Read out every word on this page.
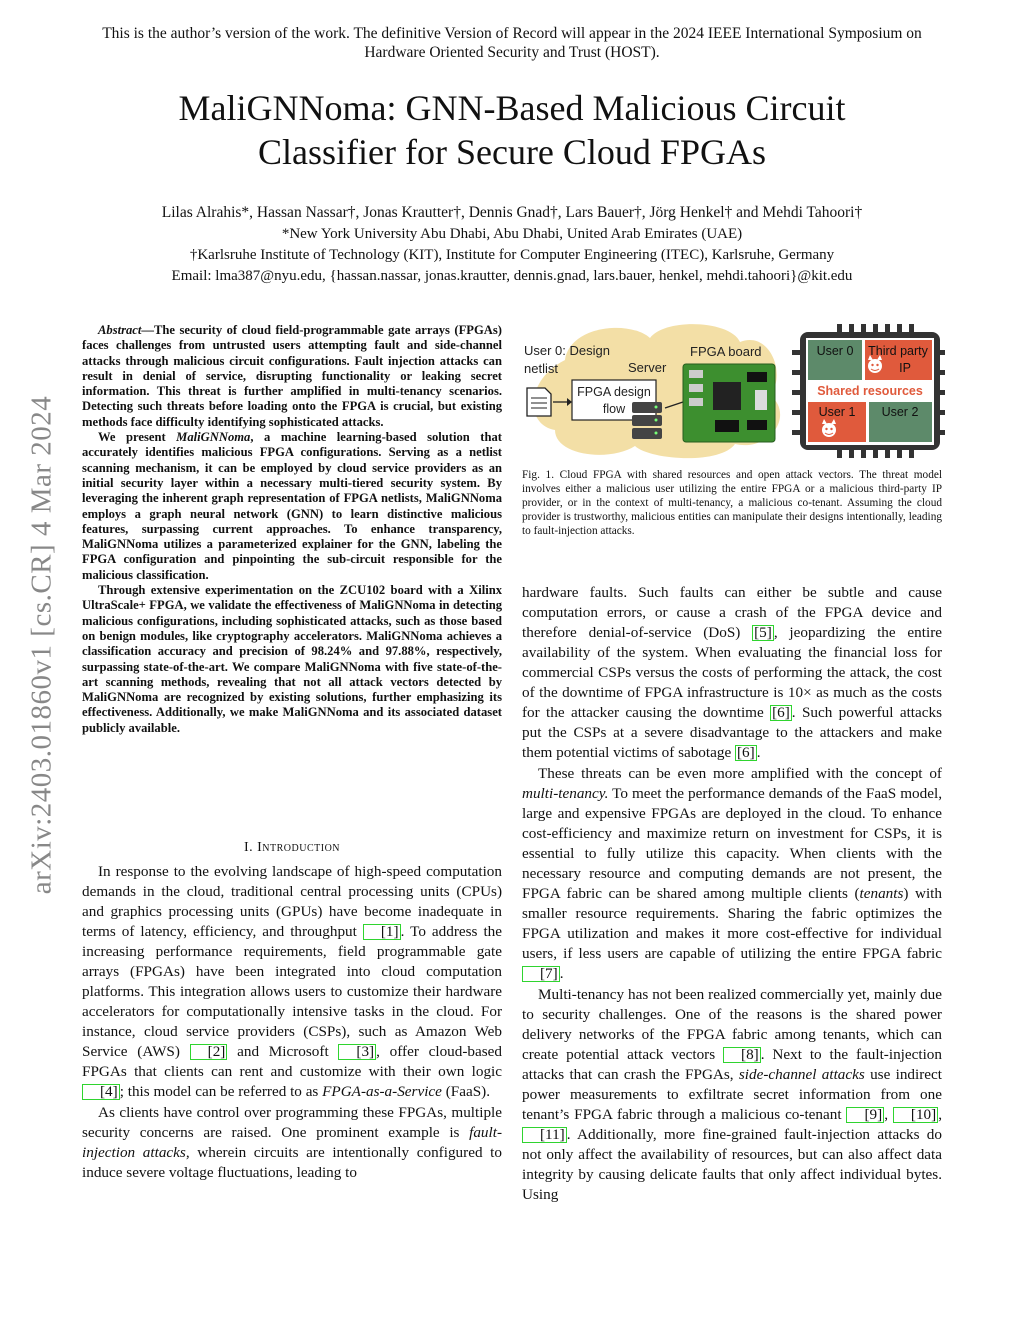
This is the author’s version of the work. The definitive Version of Record will appear in the 2024 IEEE International Symposium on Hardware Oriented Security and Trust (HOST).
MaliGNNoma: GNN-Based Malicious Circuit
Classifier for Secure Cloud FPGAs
Lilas Alrahis*, Hassan Nassar†, Jonas Krautter†, Dennis Gnad†, Lars Bauer†, Jörg Henkel† and Mehdi Tahoori†
*New York University Abu Dhabi, Abu Dhabi, United Arab Emirates (UAE)
†Karlsruhe Institute of Technology (KIT), Institute for Computer Engineering (ITEC), Karlsruhe, Germany
Email: lma387@nyu.edu, {hassan.nassar, jonas.krautter, dennis.gnad, lars.bauer, henkel, mehdi.tahoori}@kit.edu
arXiv:2403.01860v1 [cs.CR] 4 Mar 2024

Abstract—The security of cloud field-programmable gate arrays (FPGAs) faces challenges from untrusted users attempting fault and side-channel attacks through malicious circuit configurations. Fault injection attacks can result in denial of service, disrupting functionality or leaking secret information. This threat is further amplified in multi-tenancy scenarios. Detecting such threats before loading onto the FPGA is crucial, but existing methods face difficulty identifying sophisticated attacks.

We present MaliGNNoma, a machine learning-based solution that accurately identifies malicious FPGA configurations. Serving as a netlist scanning mechanism, it can be employed by cloud service providers as an initial security layer within a necessary multi-tiered security system. By leveraging the inherent graph representation of FPGA netlists, MaliGNNoma employs a graph neural network (GNN) to learn distinctive malicious features, surpassing current approaches. To enhance transparency, MaliGNNoma utilizes a parameterized explainer for the GNN, labeling the FPGA configuration and pinpointing the sub-circuit responsible for the malicious classification.

Through extensive experimentation on the ZCU102 board with a Xilinx UltraScale+ FPGA, we validate the effectiveness of MaliGNNoma in detecting malicious configurations, including sophisticated attacks, such as those based on benign modules, like cryptography accelerators. MaliGNNoma achieves a classification accuracy and precision of 98.24% and 97.88%, respectively, surpassing state-of-the-art. We compare MaliGNNoma with five state-of-the-art scanning methods, revealing that not all attack vectors detected by MaliGNNoma are recognized by existing solutions, further emphasizing its effectiveness. Additionally, we make MaliGNNoma and its associated dataset publicly available.

I. Introduction

In response to the evolving landscape of high-speed computation demands in the cloud, traditional central processing units (CPUs) and graphics processing units (GPUs) have become inadequate in terms of latency, efficiency, and throughput [1] . To address the increasing performance requirements, field programmable gate arrays (FPGAs) have been integrated into cloud computation platforms. This integration allows users to customize their hardware accelerators for computationally intensive tasks in the cloud. For instance, cloud service providers (CSPs), such as Amazon Web Service (AWS) [2] and Microsoft [3] , offer cloud-based FPGAs that clients can rent and customize with their own logic [4] ; this model can be referred to as FPGA-as-a-Service (FaaS).

As clients have control over programming these FPGAs, multiple security concerns are raised. One prominent example is fault-injection attacks, wherein circuits are intentionally configured to induce severe voltage fluctuations, leading to

User 0: Design
netlist	Server
FPGA design
flow
FPGA board	User 0 Third party
IP
Shared resources
User 1 User 2
Fig. 1. Cloud FPGA with shared resources and open attack vectors. The threat model involves either a malicious user utilizing the entire FPGA or a malicious third-party IP provider, or in the context of multi-tenancy, a malicious co-tenant. Assuming the cloud provider is trustworthy, malicious entities can manipulate their designs intentionally, leading to fault-injection attacks.

hardware faults. Such faults can either be subtle and cause computation errors, or cause a crash of the FPGA device and therefore denial-of-service (DoS) [5] , jeopardizing the entire availability of the system. When evaluating the financial loss for commercial CSPs versus the costs of performing the attack, the cost of the downtime of FPGA infrastructure is 10× as much as the costs for the attacker causing the downtime [6] . Such powerful attacks put the CSPs at a severe disadvantage to the attackers and make them potential victims of sabotage [6] .

These threats can be even more amplified with the concept of multi-tenancy. To meet the performance demands of the FaaS model, large and expensive FPGAs are deployed in the cloud. To enhance cost-efficiency and maximize return on investment for CSPs, it is essential to fully utilize this capacity. When clients with the necessary resource and computing demands are not present, the FPGA fabric can be shared among multiple clients (tenants) with smaller resource requirements. Sharing the fabric optimizes the FPGA utilization and makes it more cost-effective for individual users, if less users are capable of utilizing the entire FPGA fabric [7] .

Multi-tenancy has not been realized commercially yet, mainly due to security challenges. One of the reasons is the shared power delivery networks of the FPGA fabric among tenants, which can create potential attack vectors [8] . Next to the fault-injection attacks that can crash the FPGAs, side-channel attacks use indirect power measurements to exfiltrate secret information from one tenant’s FPGA fabric through a malicious co-tenant [9] , [10] , [11] . Additionally, more fine-grained fault-injection attacks do not only affect the availability of resources, but can also affect data integrity by causing delicate faults that only affect individual bytes. Using
